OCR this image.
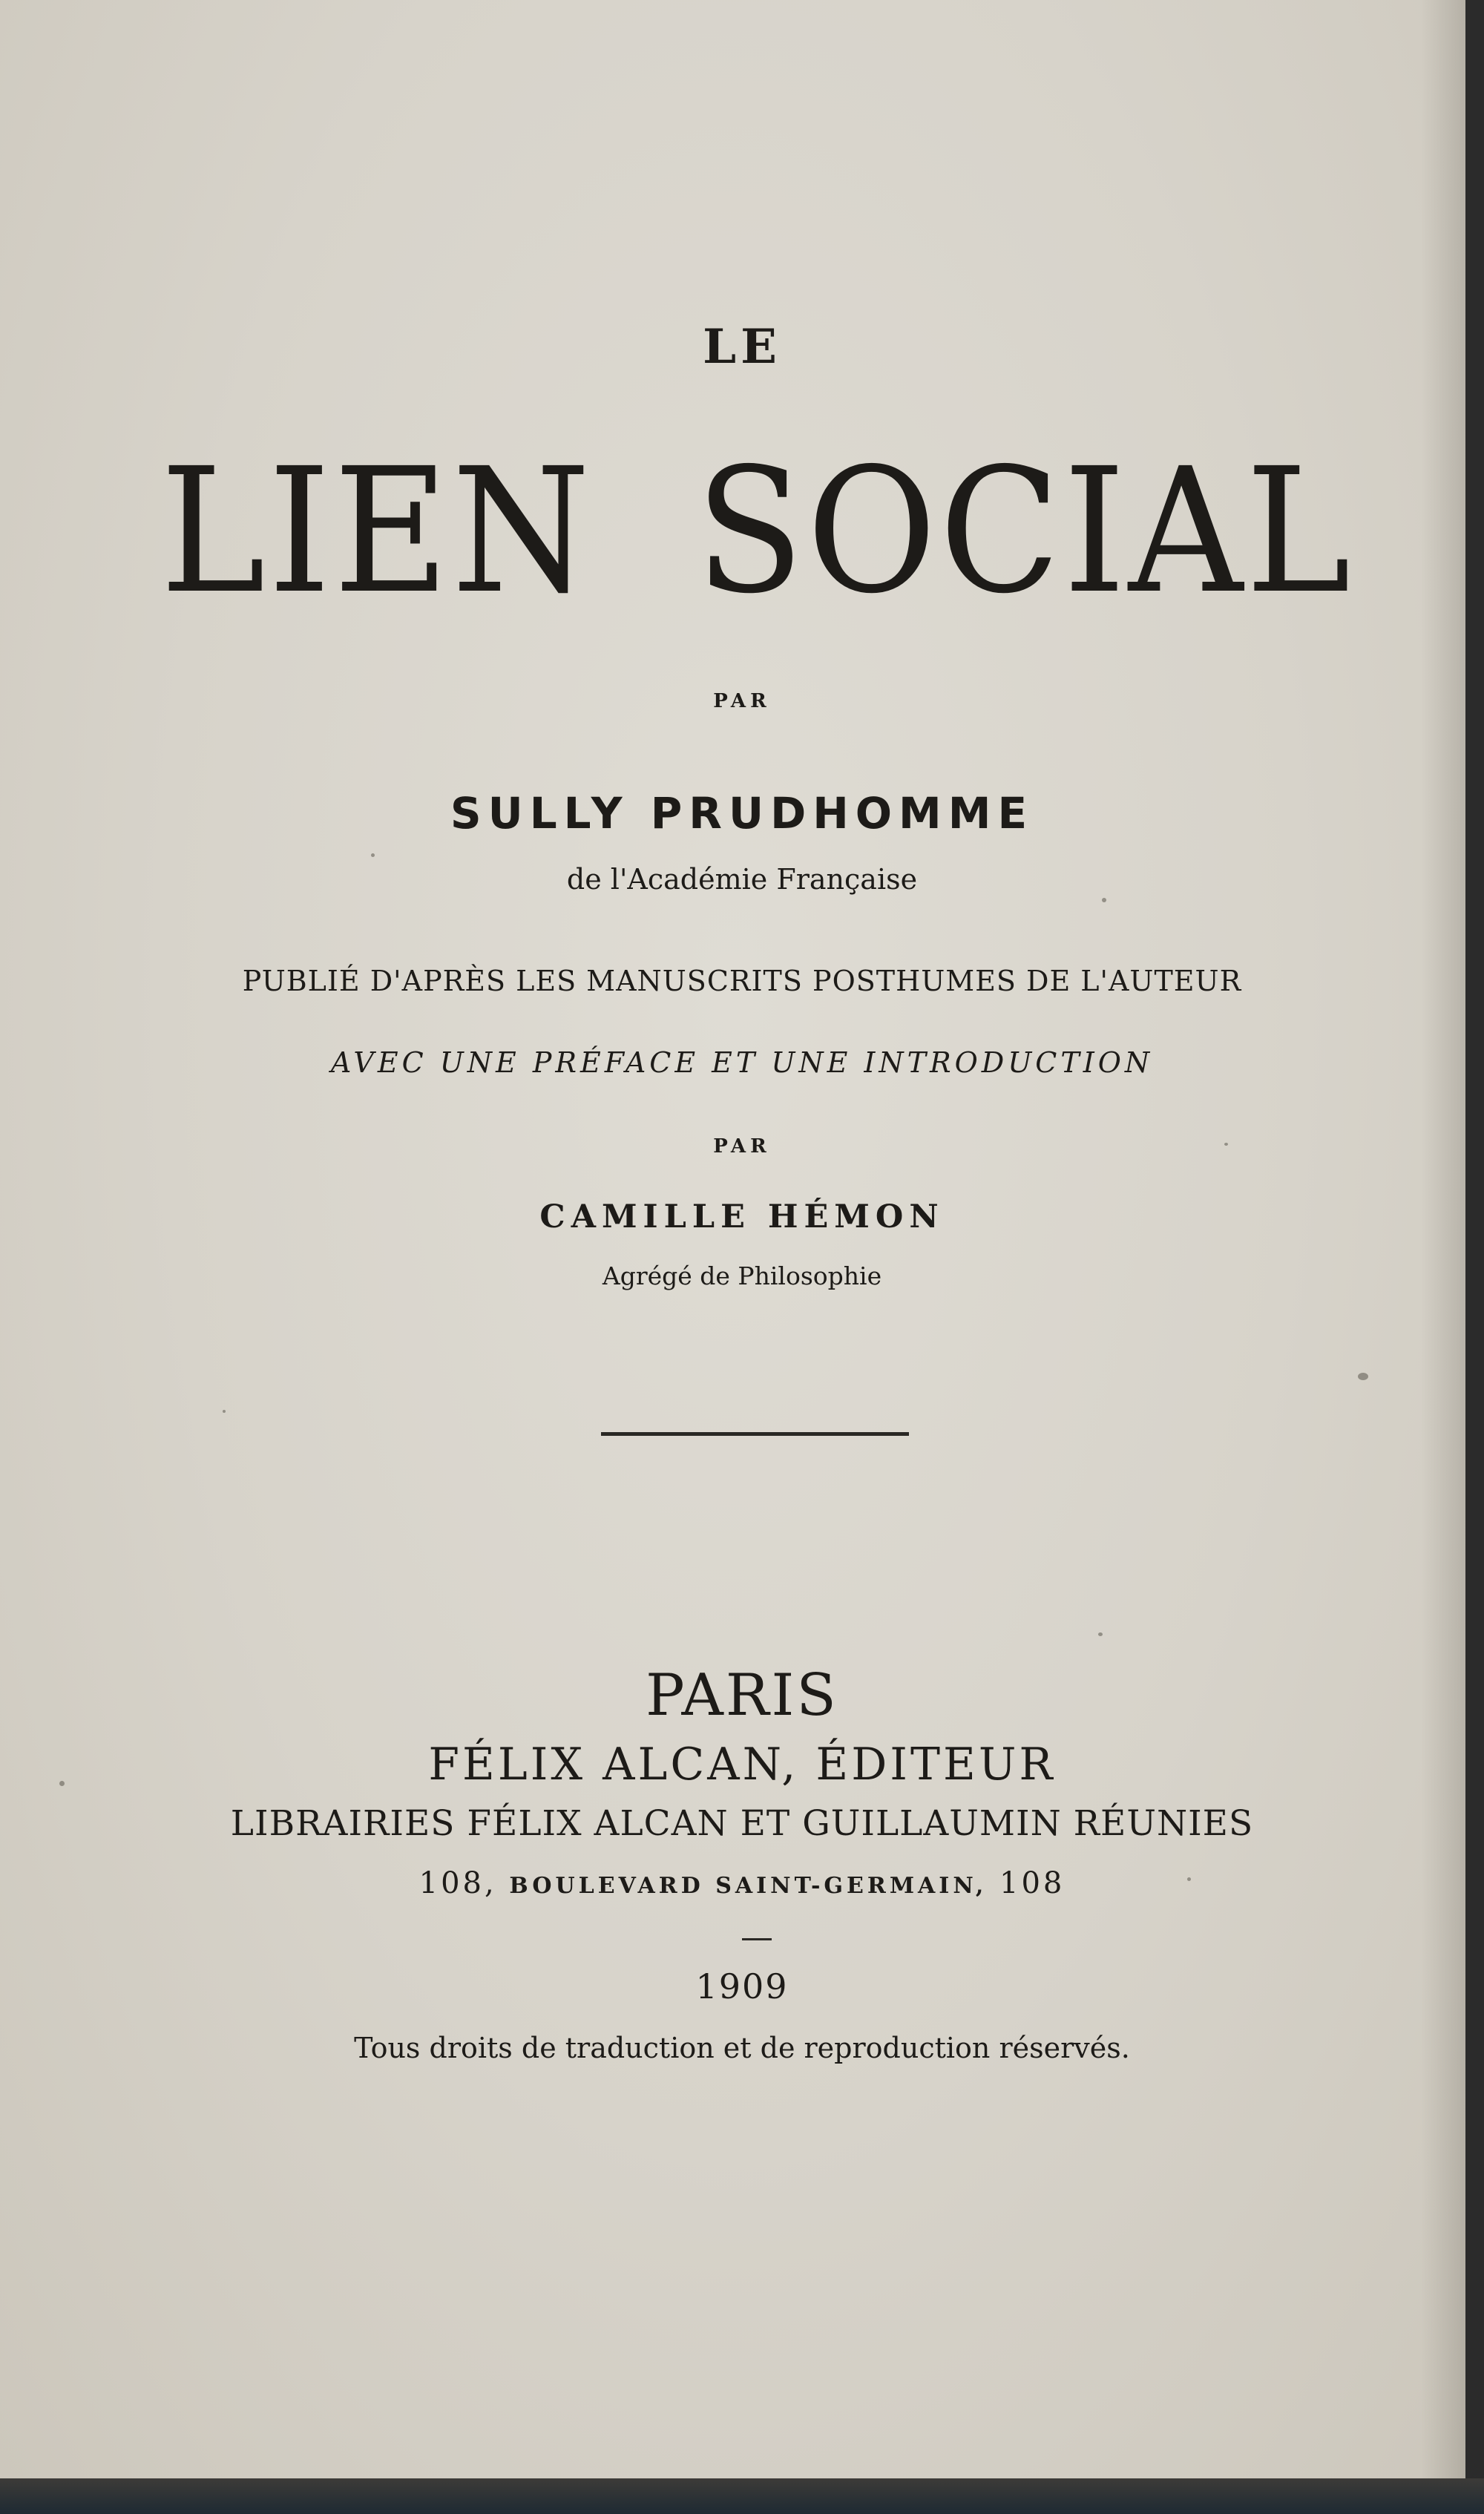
LE
LIEN SOCIAL
PAR
SULLY PRUDHOMME
de l'Académie Française
PUBLIÉ D'APRÈS LES MANUSCRITS POSTHUMES DE L'AUTEUR
AVEC UNE PRÉFACE ET UNE INTRODUCTION
PAR
CAMILLE HÉMON
Agrégé de Philosophie
PARIS
FÉLIX ALCAN, ÉDITEUR
LIBRAIRIES FÉLIX ALCAN ET GUILLAUMIN RÉUNIES
108, BOULEVARD SAINT-GERMAIN, 108
1909
Tous droits de traduction et de reproduction réservés.
